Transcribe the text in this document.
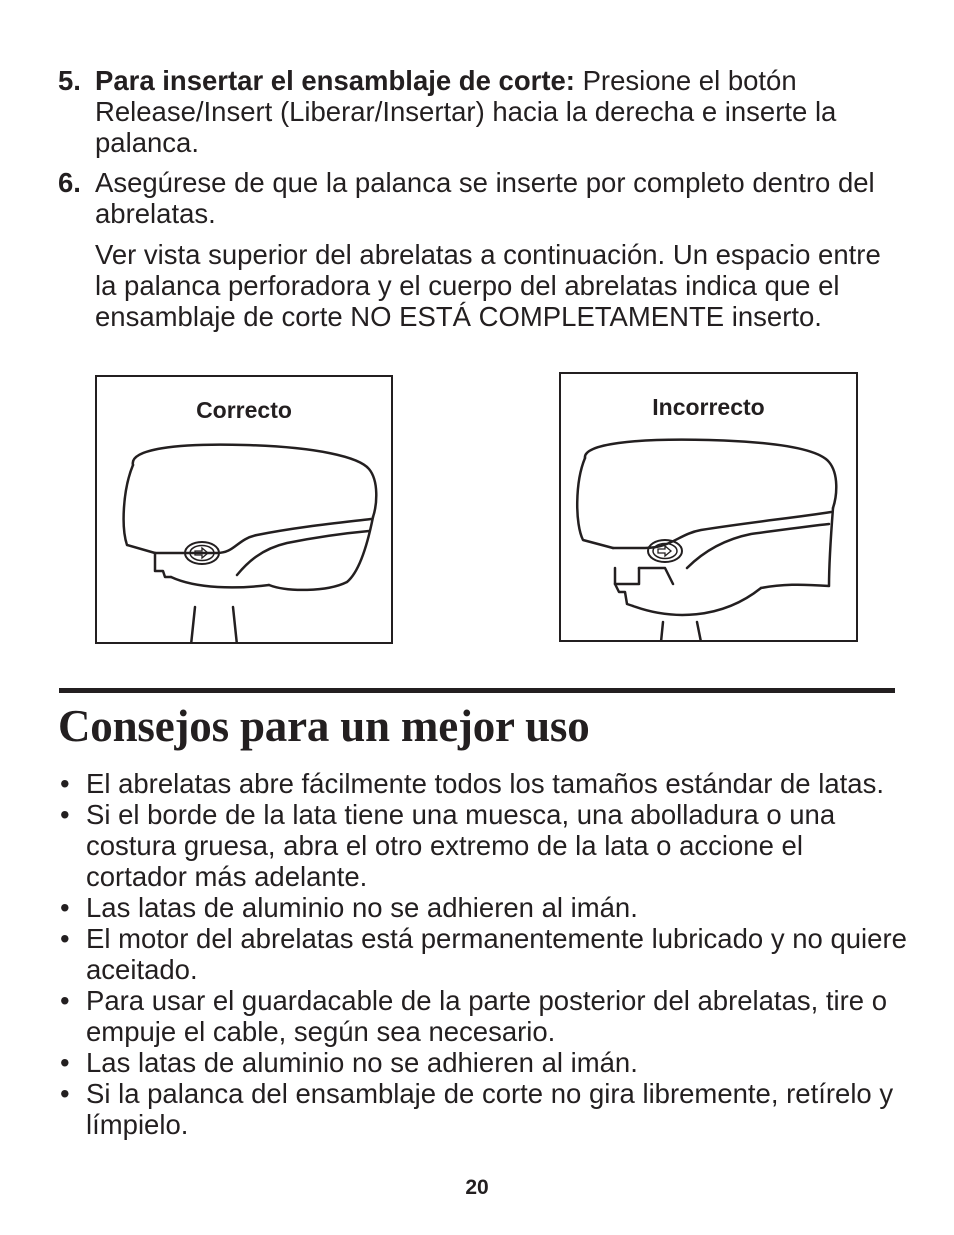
5. Para insertar el ensamblaje de corte: Presione el botón Release/Insert (Liberar/Insertar) hacia la derecha e inserte la palanca.

6. Asegúrese de que la palanca se inserte por completo dentro del abrelatas.

Ver vista superior del abrelatas a continuación. Un espacio entre la palanca perforadora y el cuerpo del abrelatas indica que el ensamblaje de corte NO ESTÁ COMPLETAMENTE inserto.

Correcto	Incorrecto
Consejos para un mejor uso
• El abrelatas abre fácilmente todos los tamaños estándar de latas.
• Si el borde de la lata tiene una muesca, una abolladura o una costura gruesa, abra el otro extremo de la lata o accione el cortador más adelante.
• Las latas de aluminio no se adhieren al imán.
• El motor del abrelatas está permanentemente lubricado y no quiere aceitado.
• Para usar el guardacable de la parte posterior del abrelatas, tire o empuje el cable, según sea necesario.
• Las latas de aluminio no se adhieren al imán.
• Si la palanca del ensamblaje de corte no gira libremente, retírelo y límpielo.
20
